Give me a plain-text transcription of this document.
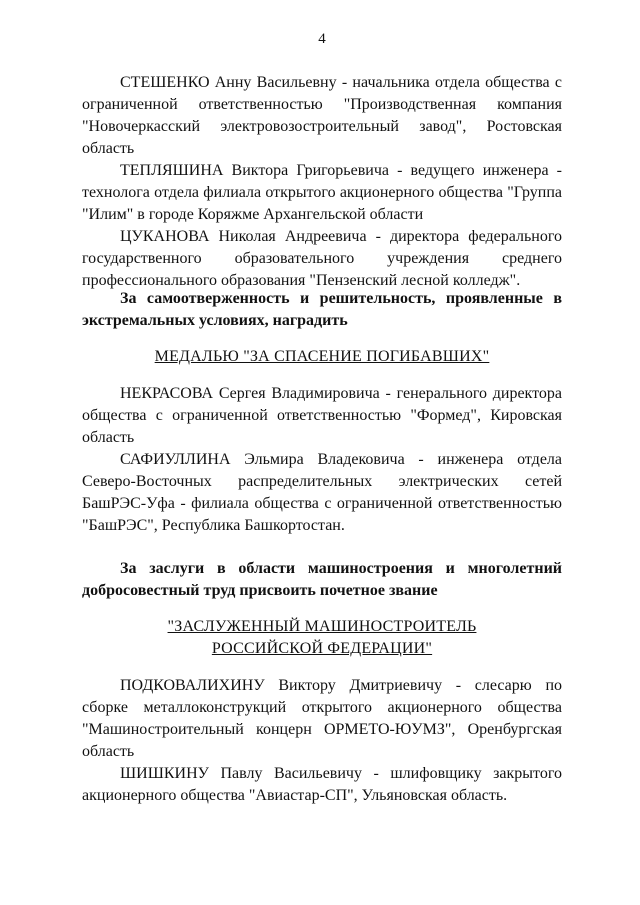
4

СТЕШЕНКО Анну Васильевну - начальника отдела общества с ограниченной ответственностью "Производственная компания "Новочеркасский электровозостроительный завод", Ростовская область

ТЕПЛЯШИНА Виктора Григорьевича - ведущего инженера - технолога отдела филиала открытого акционерного общества "Группа "Илим" в городе Коряжме Архангельской области

ЦУКАНОВА Николая Андреевича - директора федерального государственного образовательного учреждения среднего профессионального образования "Пензенский лесной колледж".

За самоотверженность и решительность, проявленные в экстремальных условиях, наградить

МЕДАЛЬЮ "ЗА СПАСЕНИЕ ПОГИБАВШИХ"

НЕКРАСОВА Сергея Владимировича - генерального директора общества с ограниченной ответственностью "Формед", Кировская область

САФИУЛЛИНА Эльмира Владековича - инженера отдела Северо-Восточных распределительных электрических сетей БашРЭС-Уфа - филиала общества с ограниченной ответственностью "БашРЭС", Республика Башкортостан.

За заслуги в области машиностроения и многолетний добросовестный труд присвоить почетное звание

"ЗАСЛУЖЕННЫЙ МАШИНОСТРОИТЕЛЬ

РОССИЙСКОЙ ФЕДЕРАЦИИ"

ПОДКОВАЛИХИНУ Виктору Дмитриевичу - слесарю по сборке металлоконструкций открытого акционерного общества "Машиностроительный концерн ОРМЕТО-ЮУМЗ", Оренбургская область

ШИШКИНУ Павлу Васильевичу - шлифовщику закрытого акционерного общества "Авиастар-СП", Ульяновская область.
